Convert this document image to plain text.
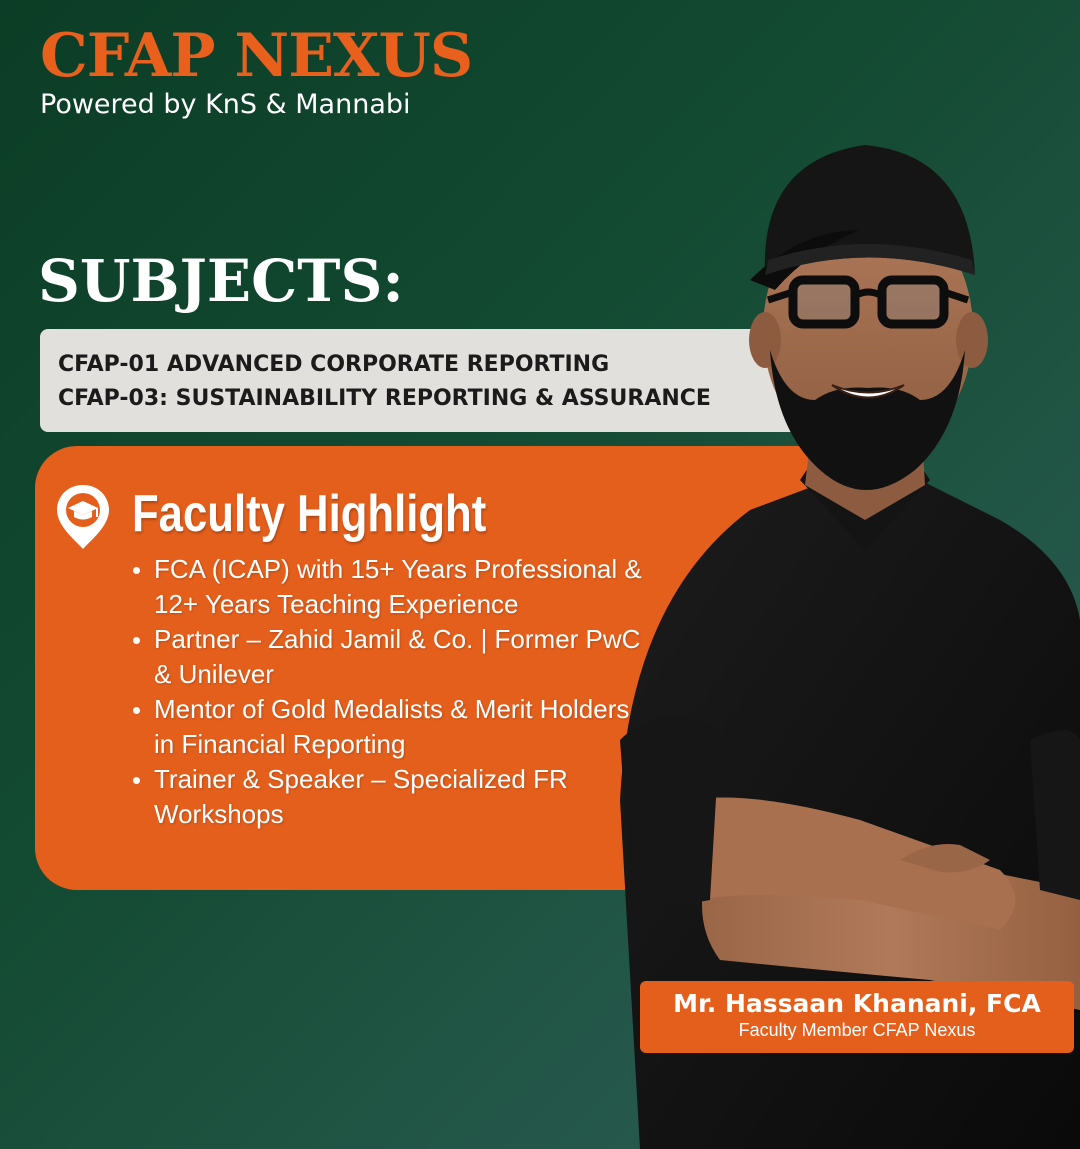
CFAP NEXUS
Powered by KnS & Mannabi
SUBJECTS:
CFAP-01 ADVANCED CORPORATE REPORTING
CFAP-03: SUSTAINABILITY REPORTING & ASSURANCE
Faculty Highlight
FCA (ICAP) with 15+ Years Professional & 12+ Years Teaching Experience
Partner – Zahid Jamil & Co. | Former PwC & Unilever
Mentor of Gold Medalists & Merit Holders in Financial Reporting
Trainer & Speaker – Specialized FR Workshops
Mr. Hassaan Khanani, FCA
Faculty Member CFAP Nexus
